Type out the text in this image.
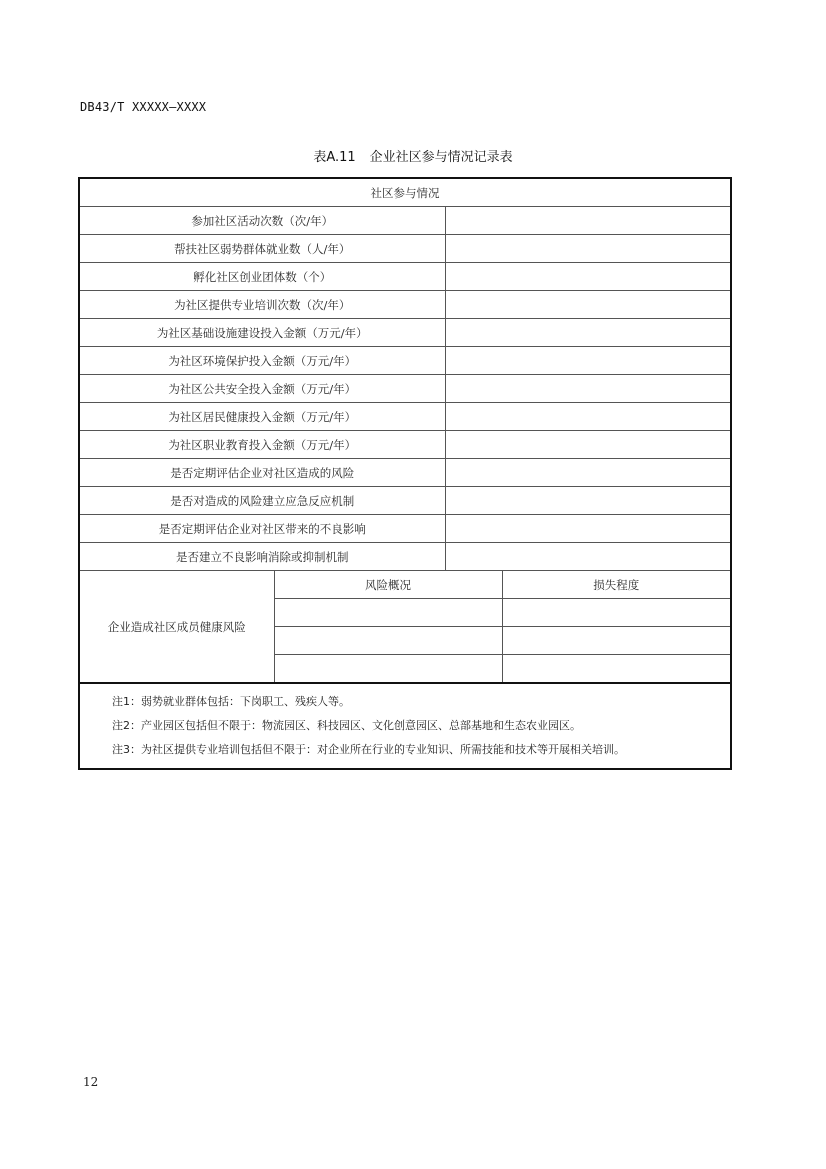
DB43/T XXXXX—XXXX
表A.11 企业社区参与情况记录表
社区参与情况			
参加社区活动次数（次/年）			
帮扶社区弱势群体就业数（人/年）			
孵化社区创业团体数（个）			
为社区提供专业培训次数（次/年）			
为社区基础设施建设投入金额（万元/年）			
为社区环境保护投入金额（万元/年）			
为社区公共安全投入金额（万元/年）			
为社区居民健康投入金额（万元/年）			
为社区职业教育投入金额（万元/年）			
是否定期评估企业对社区造成的风险			
是否对造成的风险建立应急反应机制			
是否定期评估企业对社区带来的不良影响			
是否建立不良影响消除或抑制机制			
企业造成社区成员健康风险	风险概况		损失程度

注1：弱势就业群体包括：下岗职工、残疾人等。
注2：产业园区包括但不限于：物流园区、科技园区、文化创意园区、总部基地和生态农业园区。
注3：为社区提供专业培训包括但不限于：对企业所在行业的专业知识、所需技能和技术等开展相关培训。			
12
